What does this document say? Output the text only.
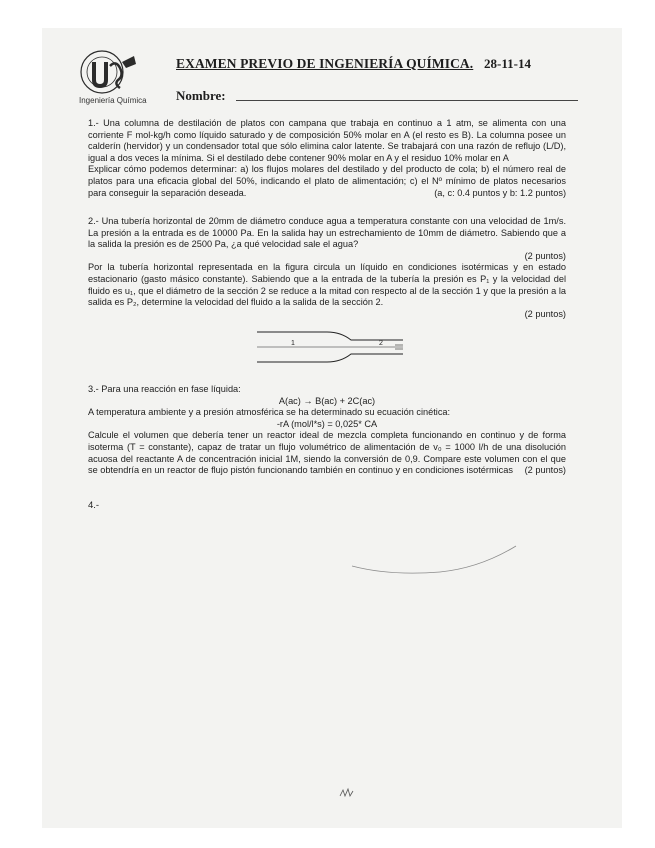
Ingeniería Química
EXAMEN PREVIO DE INGENIERÍA QUÍMICA. 28-11-14
Nombre:

1.- Una columna de destilación de platos con campana que trabaja en continuo a 1 atm, se alimenta con una corriente F mol-kg/h como líquido saturado y de composición 50% molar en A (el resto es B). La columna posee un calderín (hervidor) y un condensador total que sólo elimina calor latente. Se trabajará con una razón de reflujo (L/D), igual a dos veces la mínima. Si el destilado debe contener 90% molar en A y el residuo 10% molar en A

Explicar cómo podemos determinar: a) los flujos molares del destilado y del producto de cola; b) el número real de platos para una eficacia global del 50%, indicando el plato de alimentación; c) el Nº mínimo de platos necesarios para conseguir la separación deseada.	(a, c: 0.4 puntos y b: 1.2 puntos)

2.- Una tubería horizontal de 20mm de diámetro conduce agua a temperatura constante con una velocidad de 1m/s. La presión a la entrada es de 10000 Pa. En la salida hay un estrechamiento de 10mm de diámetro. Sabiendo que a la salida la presión es de 2500 Pa, ¿a qué velocidad sale el agua?

(2 puntos)

Por la tubería horizontal representada en la figura circula un líquido en condiciones isotérmicas y en estado estacionario (gasto másico constante). Sabiendo que a la entrada de la tubería la presión es P₁ y la velocidad del fluido es u₁, que el diámetro de la sección 2 se reduce a la mitad con respecto al de la sección 1 y que la presión a la salida es P₂, determine la velocidad del fluido a la salida de la sección 2.

(2 puntos)
1	2

3.- Para una reacción en fase líquida:

A(ac) → B(ac) + 2C(ac)

A temperatura ambiente y a presión atmosférica se ha determinado su ecuación cinética:

-rA (mol/l*s) = 0,025* CA

Calcule el volumen que debería tener un reactor ideal de mezcla completa funcionando en continuo y de forma isoterma (T = constante), capaz de tratar un flujo volumétrico de alimentación de v₀ = 1000 l/h de una disolución acuosa del reactante A de concentración inicial 1M, siendo la conversión de 0,9. Compare este volumen con el que se obtendría en un reactor de flujo pistón funcionando también en continuo y en condiciones isotérmicas (2 puntos)

4.-
